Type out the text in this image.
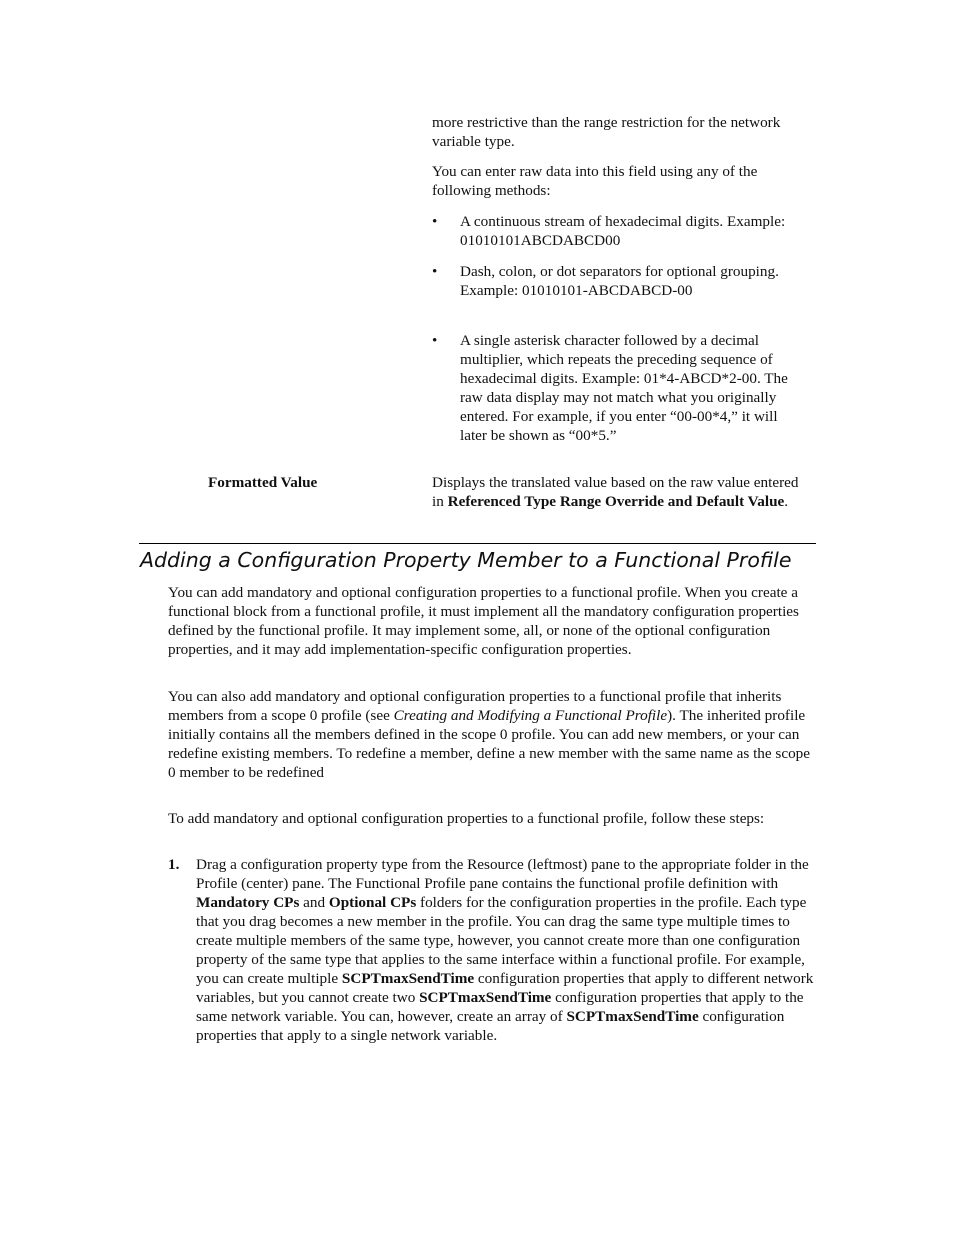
more restrictive than the range restriction for the network variable type.

You can enter raw data into this field using any of the following methods:

• A continuous stream of hexadecimal digits. Example: 01010101ABCDABCD00
• Dash, colon, or dot separators for optional grouping. Example: 01010101-ABCDABCD-00
• A single asterisk character followed by a decimal multiplier, which repeats the preceding sequence of hexadecimal digits. Example: 01*4-ABCD*2-00. The raw data display may not match what you originally entered. For example, if you enter “00-00*4,” it will later be shown as “00*5.”

Formatted Value	Displays the translated value based on the raw value entered in Referenced Type Range Override and Default Value.

Adding a Configuration Property Member to a Functional Profile

You can add mandatory and optional configuration properties to a functional profile. When you create a functional block from a functional profile, it must implement all the mandatory configuration properties defined by the functional profile. It may implement some, all, or none of the optional configuration properties, and it may add implementation-specific configuration properties.

You can also add mandatory and optional configuration properties to a functional profile that inherits members from a scope 0 profile (see Creating and Modifying a Functional Profile). The inherited profile initially contains all the members defined in the scope 0 profile. You can add new members, or your can redefine existing members. To redefine a member, define a new member with the same name as the scope 0 member to be redefined

To add mandatory and optional configuration properties to a functional profile, follow these steps:

1. Drag a configuration property type from the Resource (leftmost) pane to the appropriate folder in the Profile (center) pane. The Functional Profile pane contains the functional profile definition with Mandatory CPs and Optional CPs folders for the configuration properties in the profile. Each type that you drag becomes a new member in the profile. You can drag the same type multiple times to create multiple members of the same type, however, you cannot create more than one configuration property of the same type that applies to the same interface within a functional profile. For example, you can create multiple SCPTmaxSendTime configuration properties that apply to different network variables, but you cannot create two SCPTmaxSendTime configuration properties that apply to the same network variable. You can, however, create an array of SCPTmaxSendTime configuration properties that apply to a single network variable.
